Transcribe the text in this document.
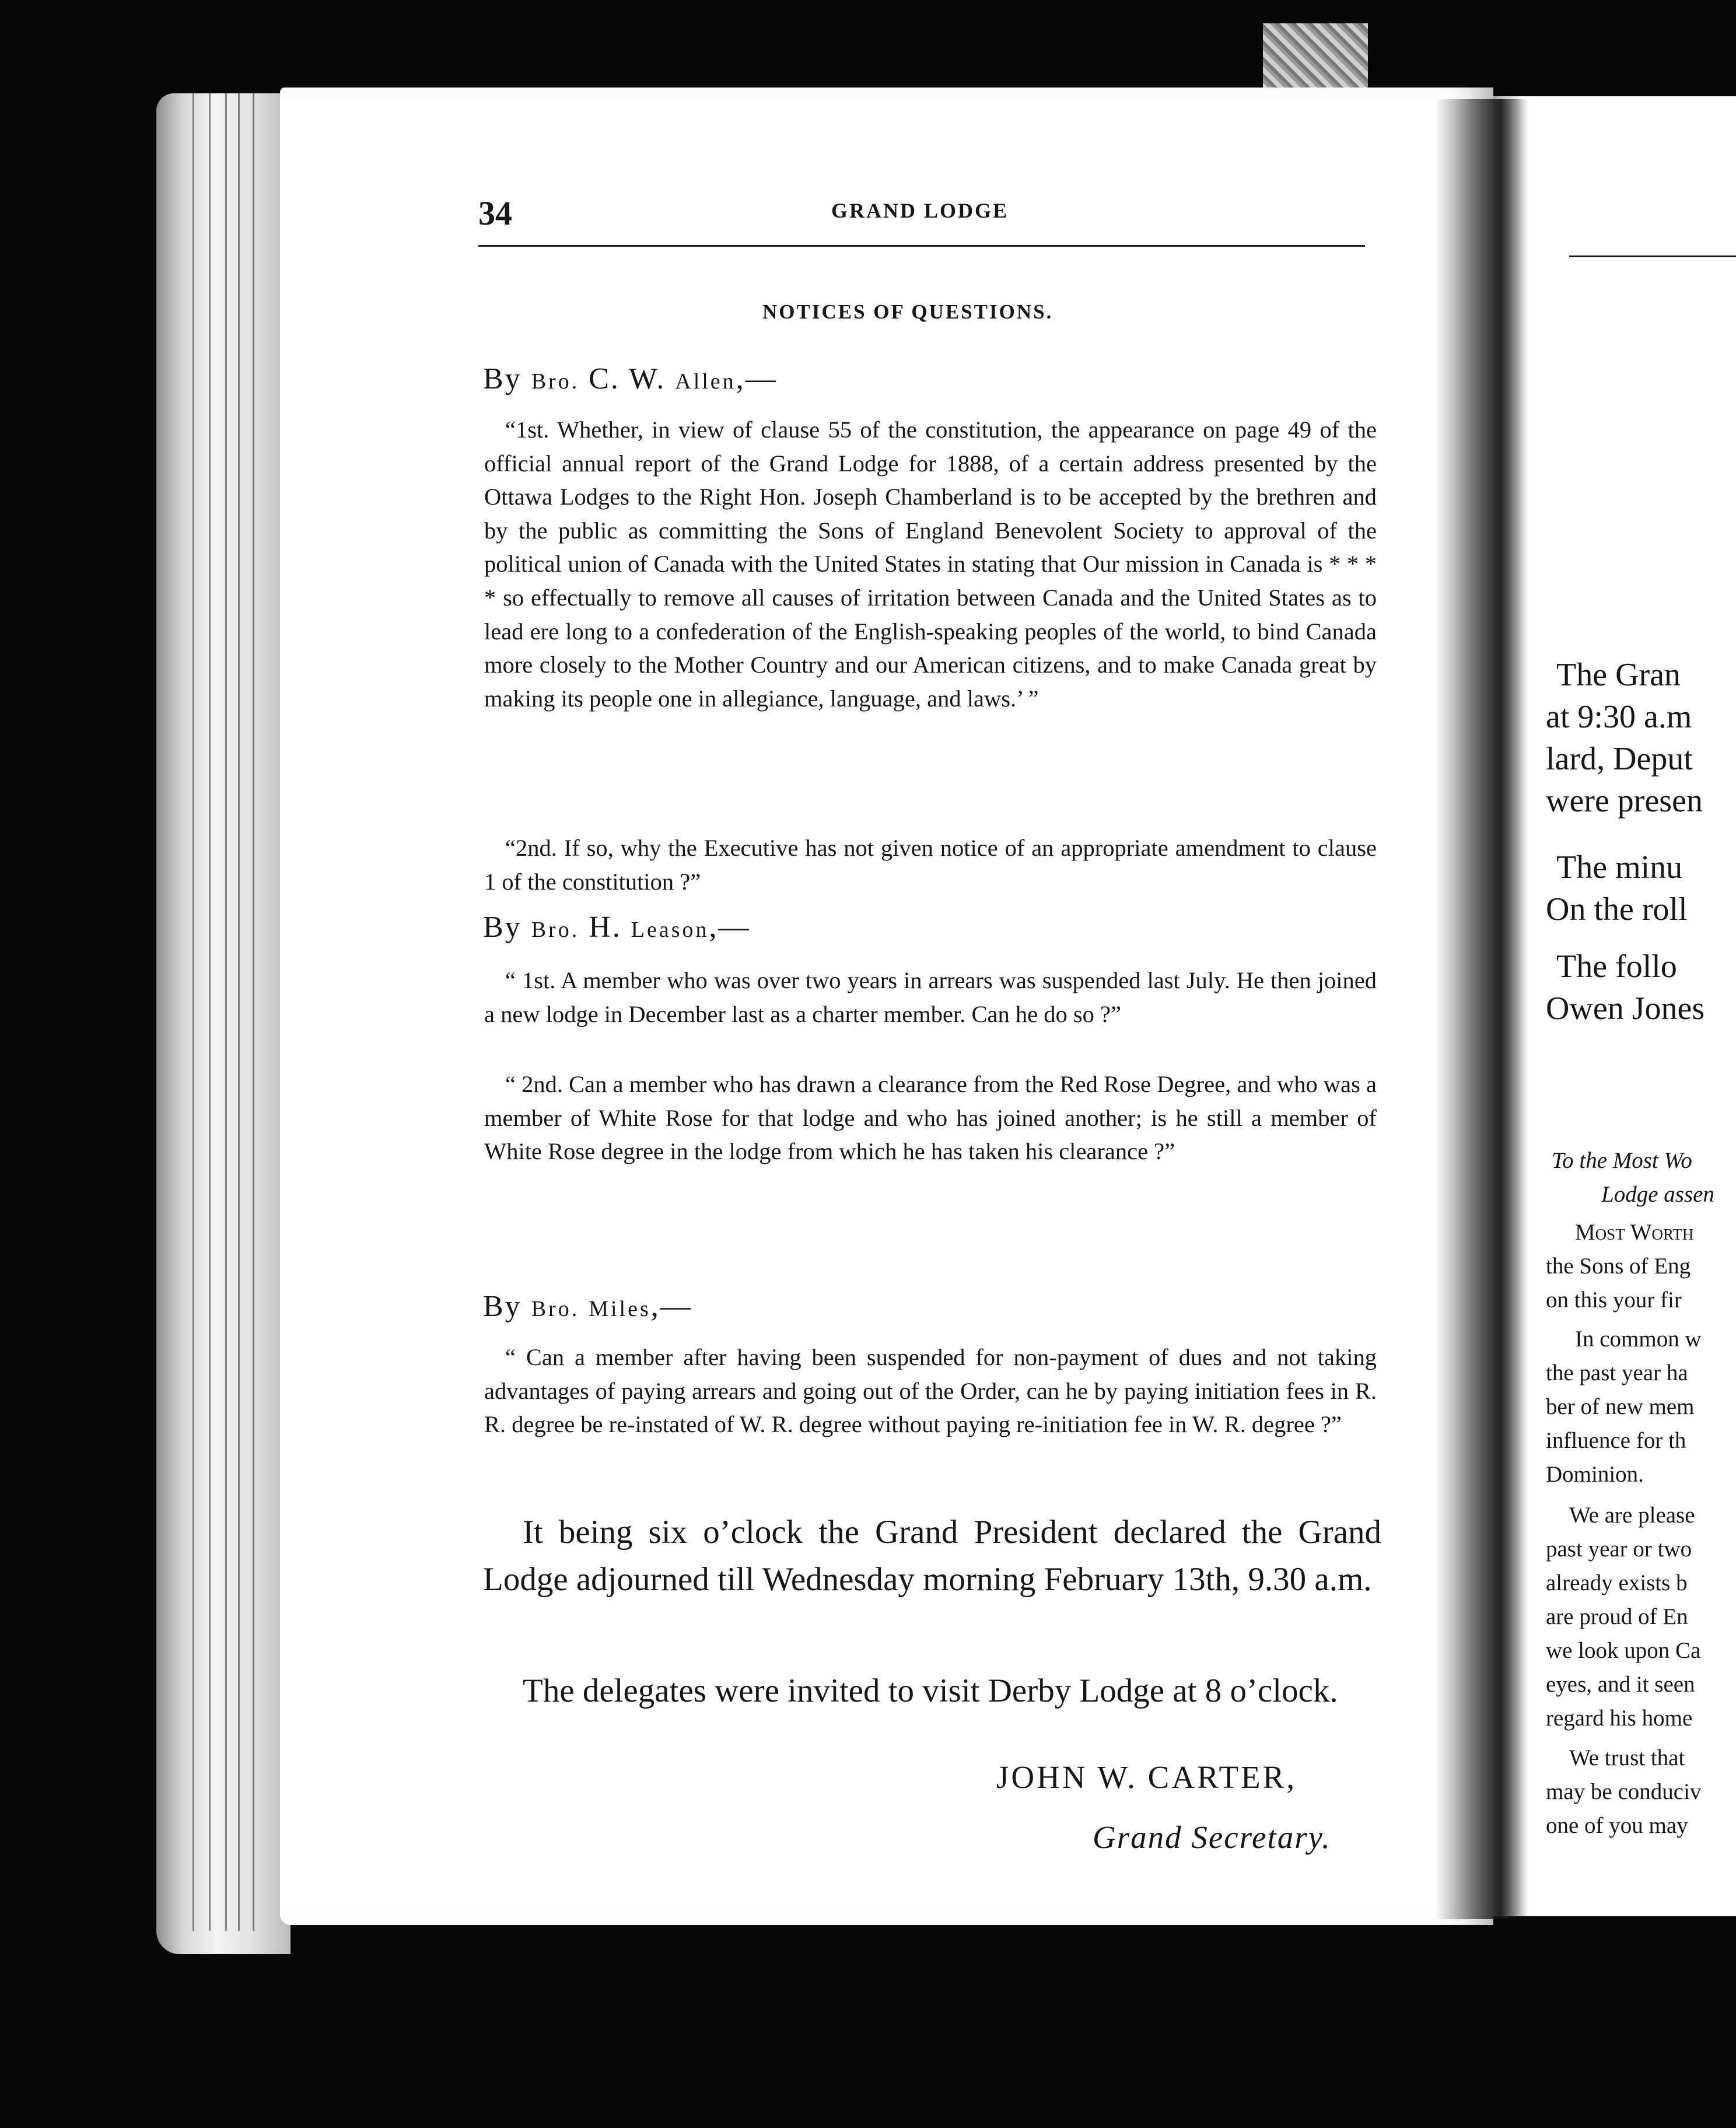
The Gran
at 9:30 a.m
lard, Deput
were presen
The minu
On the roll
The follo
Owen Jones
To the Most Wo
Lodge assen
Most Worth
the Sons of Eng
on this your fir
In common w
the past year ha
ber of new mem
influence for th
Dominion.
We are please
past year or two
already exists b
are proud of En
we look upon Ca
eyes, and it seen
regard his home
We trust that
may be conduciv
one of you may
34	GRAND LODGE
NOTICES OF QUESTIONS.
By Bro. C. W. Allen,—
“1st. Whether, in view of clause 55 of the constitution, the appearance on page 49 of the official annual report of the Grand Lodge for 1888, of a certain address presented by the Ottawa Lodges to the Right Hon. Joseph Chamberland is to be accepted by the brethren and by the public as committing the Sons of England Benevolent Society to approval of the political union of Canada with the United States in stating that Our mission in Canada is * * * * so effectually to remove all causes of irritation between Canada and the United States as to lead ere long to a confederation of the English-speaking peoples of the world, to bind Canada more closely to the Mother Country and our American citizens, and to make Canada great by making its people one in allegiance, language, and laws.’ ”
“2nd. If so, why the Executive has not given notice of an appropriate amendment to clause 1 of the constitution ?”
By Bro. H. Leason,—
“ 1st. A member who was over two years in arrears was suspended last July. He then joined a new lodge in December last as a charter member. Can he do so ?”
“ 2nd. Can a member who has drawn a clearance from the Red Rose Degree, and who was a member of White Rose for that lodge and who has joined another; is he still a member of White Rose degree in the lodge from which he has taken his clearance ?”
By Bro. Miles,—
“ Can a member after having been suspended for non-payment of dues and not taking advantages of paying arrears and going out of the Order, can he by paying initiation fees in R. R. degree be re-instated of W. R. degree without paying re-initiation fee in W. R. degree ?”
It being six o’clock the Grand President declared the Grand Lodge adjourned till Wednesday morning February 13th, 9.30 a.m.
The delegates were invited to visit Derby Lodge at 8 o’clock.
JOHN W. CARTER,
Grand Secretary.
